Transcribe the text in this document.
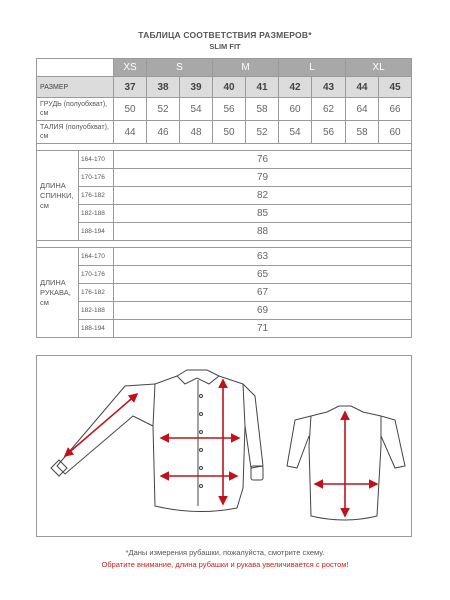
ТАБЛИЦА СООТВЕТСТВИЯ РАЗМЕРОВ*
SLIM FIT
		XS	S		M		L		XL	
РАЗМЕР		37	38	39	40	41	42	43	44	45
ГРУДЬ (полуобхват), см		50	52	54	56	58	60	62	64	66
ТАЛИЯ (полуобхват), см		44	46	48	50	52	54	56	58	60

ДЛИНА СПИНКИ, см	164-170	76								
	170-176	79								
	176-182	82								
	182-188	85								
	188-194	88								

ДЛИНА РУКАВА, см	164-170	63								
	170-176	65								
	176-182	67								
	182-188	69								
	188-194	71								
*Даны измерения рубашки, пожалуйста, смотрите схему.
Обратите внимание, длина рубашки и рукава увеличивается с ростом!
